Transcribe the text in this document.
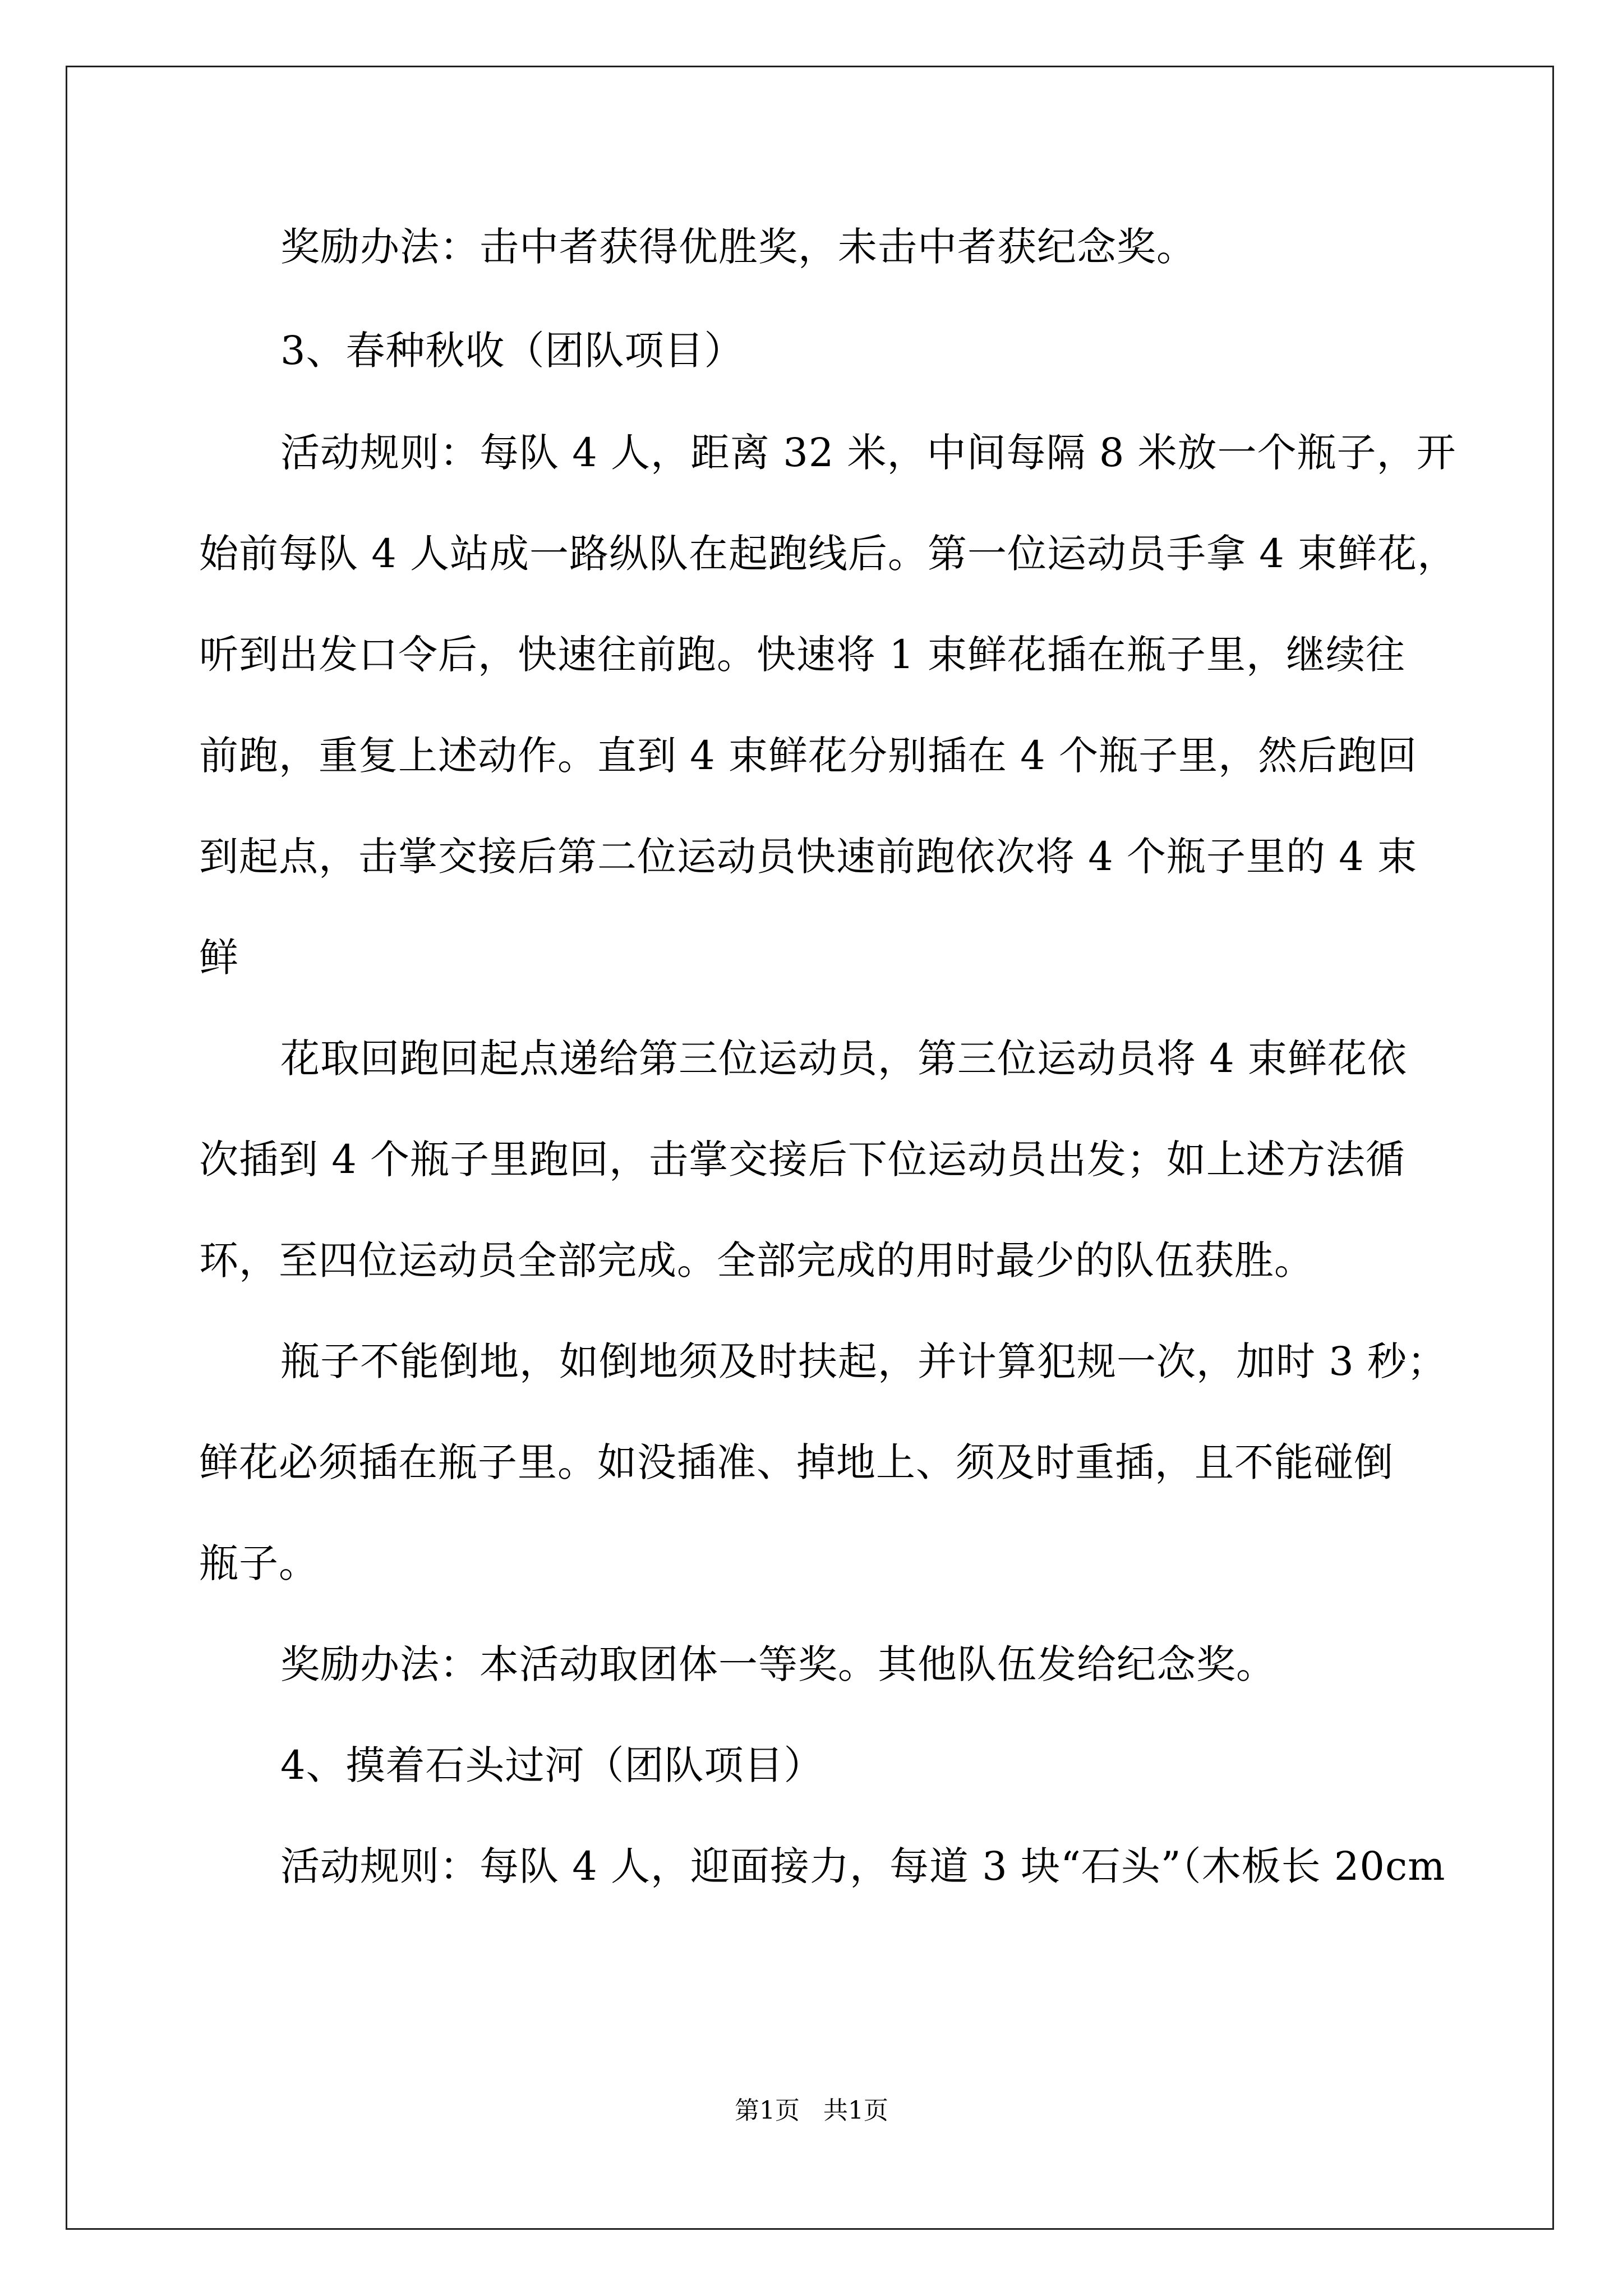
奖励办法：击中者获得优胜奖，未击中者获纪念奖。
3、春种秋收（团队项目）
活动规则：每队 4 人，距离 32 米，中间每隔 8 米放一个瓶子，开
始前每队 4 人站成一路纵队在起跑线后。第一位运动员手拿 4 束鲜花，
听到出发口令后，快速往前跑。快速将 1 束鲜花插在瓶子里，继续往
前跑，重复上述动作。直到 4 束鲜花分别插在 4 个瓶子里，然后跑回
到起点，击掌交接后第二位运动员快速前跑依次将 4 个瓶子里的 4 束
鲜
花取回跑回起点递给第三位运动员，第三位运动员将 4 束鲜花依
次插到 4 个瓶子里跑回，击掌交接后下位运动员出发；如上述方法循
环，至四位运动员全部完成。全部完成的用时最少的队伍获胜。
瓶子不能倒地，如倒地须及时扶起，并计算犯规一次，加时 3 秒；
鲜花必须插在瓶子里。如没插准、掉地上、须及时重插，且不能碰倒
瓶子。
奖励办法：本活动取团体一等奖。其他队伍发给纪念奖。
4、摸着石头过河（团队项目）
活动规则：每队 4 人，迎面接力，每道 3 块“石头”（木板长 20cm
第1页   共1页
